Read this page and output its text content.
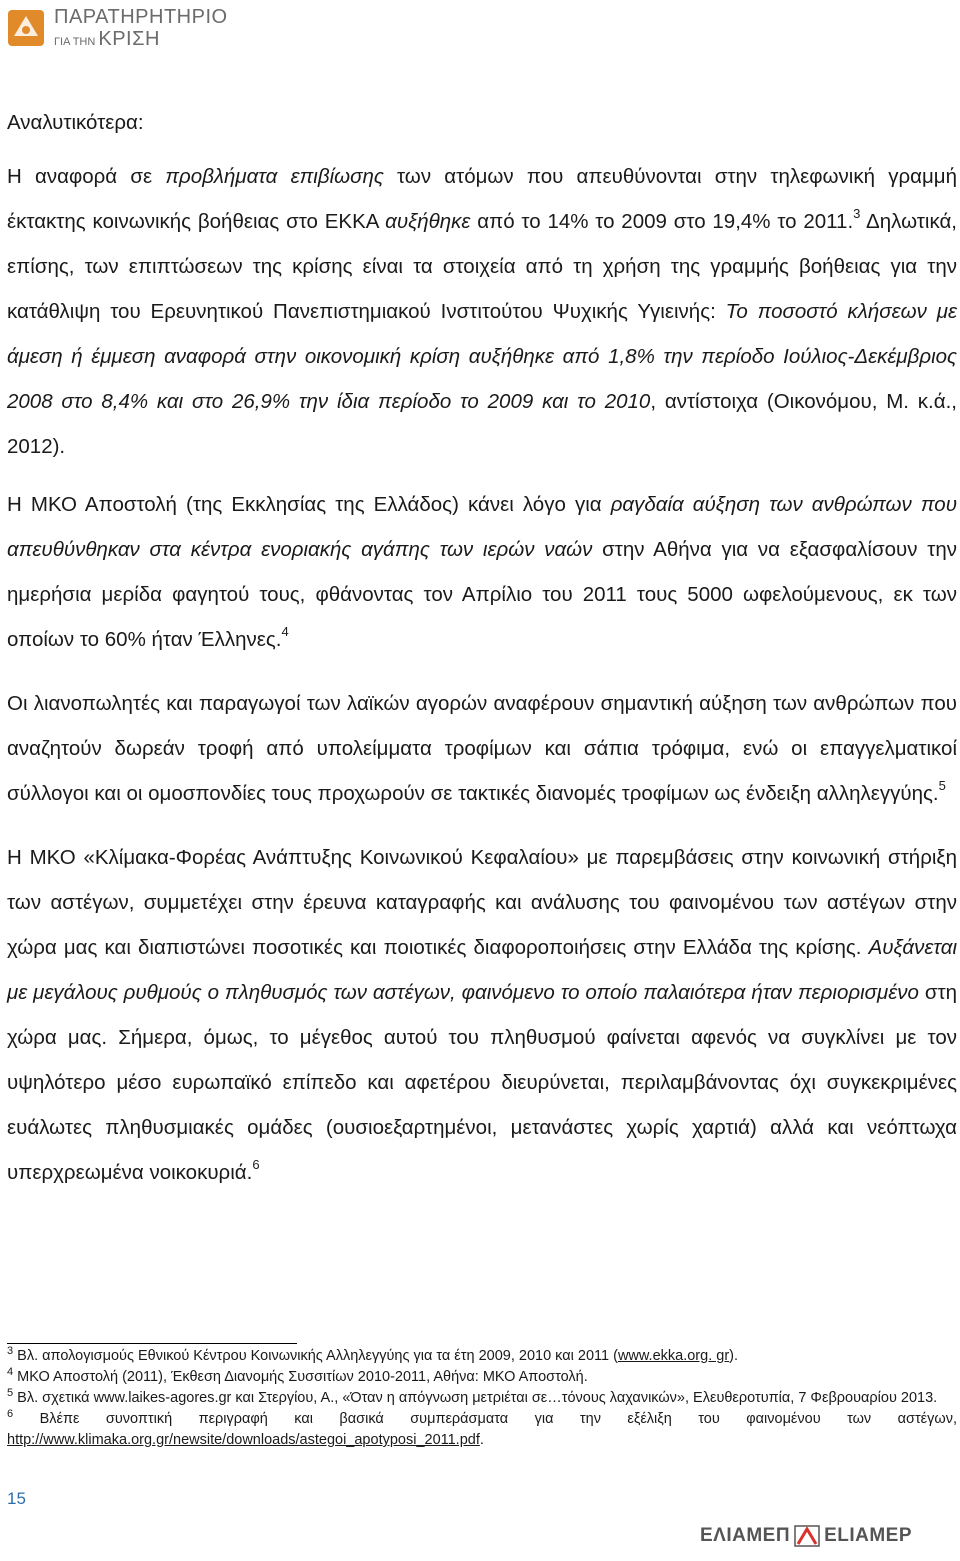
ΠΑΡΑΤΗΡΗΤΗΡΙΟ
ΓΙΑ ΤΗΝ ΚΡΙΣΗ

Αναλυτικότερα:

Η αναφορά σε προβλήματα επιβίωσης των ατόμων που απευθύνονται στην τηλεφωνική γραμμή έκτακτης κοινωνικής βοήθειας στο ΕΚΚΑ αυξήθηκε από το 14% το 2009 στο 19,4% το 2011.$^3$ Δηλωτικά, επίσης, των επιπτώσεων της κρίσης είναι τα στοιχεία από τη χρήση της γραμμής βοήθειας για την κατάθλιψη του Ερευνητικού Πανεπιστημιακού Ινστιτούτου Ψυχικής Υγιεινής: Το ποσοστό κλήσεων με άμεση ή έμμεση αναφορά στην οικονομική κρίση αυξήθηκε από 1,8% την περίοδο Ιούλιος-Δεκέμβριος 2008 στο 8,4% και στο 26,9% την ίδια περίοδο το 2009 και το 2010, αντίστοιχα (Οικονόμου, Μ. κ.ά., 2012).

Η ΜΚΟ Αποστολή (της Εκκλησίας της Ελλάδος) κάνει λόγο για ραγδαία αύξηση των ανθρώπων που απευθύνθηκαν στα κέντρα ενοριακής αγάπης των ιερών ναών στην Αθήνα για να εξασφαλίσουν την ημερήσια μερίδα φαγητού τους, φθάνοντας τον Απρίλιο του 2011 τους 5000 ωφελούμενους, εκ των οποίων το 60% ήταν Έλληνες.$^4$

Οι λιανοπωλητές και παραγωγοί των λαϊκών αγορών αναφέρουν σημαντική αύξηση των ανθρώπων που αναζητούν δωρεάν τροφή από υπολείμματα τροφίμων και σάπια τρόφιμα, ενώ οι επαγγελματικοί σύλλογοι και οι ομοσπονδίες τους προχωρούν σε τακτικές διανομές τροφίμων ως ένδειξη αλληλεγγύης.$^5$

Η ΜΚΟ «Κλίμακα-Φορέας Ανάπτυξης Κοινωνικού Κεφαλαίου» με παρεμβάσεις στην κοινωνική στήριξη των αστέγων, συμμετέχει στην έρευνα καταγραφής και ανάλυσης του φαινομένου των αστέγων στην χώρα μας και διαπιστώνει ποσοτικές και ποιοτικές διαφοροποιήσεις στην Ελλάδα της κρίσης. Αυξάνεται με μεγάλους ρυθμούς ο πληθυσμός των αστέγων, φαινόμενο το οποίο παλαιότερα ήταν περιορισμένο στη χώρα μας. Σήμερα, όμως, το μέγεθος αυτού του πληθυσμού φαίνεται αφενός να συγκλίνει με τον υψηλότερο μέσο ευρωπαϊκό επίπεδο και αφετέρου διευρύνεται, περιλαμβάνοντας όχι συγκεκριμένες ευάλωτες πληθυσμιακές ομάδες (ουσιοεξαρτημένοι, μετανάστες χωρίς χαρτιά) αλλά και νεόπτωχα υπερχρεωμένα νοικοκυριά.$^6$

$^3$ Βλ. απολογισμούς Εθνικού Κέντρου Κοινωνικής Αλληλεγγύης για τα έτη 2009, 2010 και 2011 (www.ekka.org. gr).
$^4$ ΜΚΟ Αποστολή (2011), Έκθεση Διανομής Συσσιτίων 2010-2011, Αθήνα: ΜΚΟ Αποστολή.
$^5$ Βλ. σχετικά www.laikes-agores.gr και Στεργίου, Α., «Όταν η απόγνωση μετριέται σε…τόνους λαχανικών», Ελευθεροτυπία, 7 Φεβρουαρίου 2013.
$^6$ Βλέπε συνοπτική περιγραφή και βασικά συμπεράσματα για την εξέλιξη του φαινομένου των αστέγων, http://www.klimaka.org.gr/newsite/downloads/astegoi_apotyposi_2011.pdf.
15
ΕΛΙΑΜΕΠ ELIAMEP
